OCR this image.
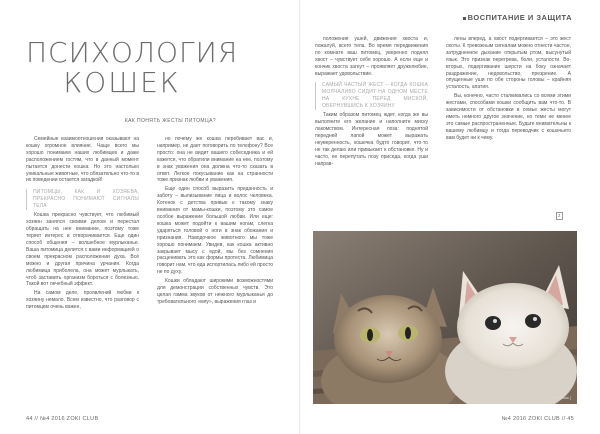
ПСИХОЛОГИЯ
КОШЕК
КАК ПОНЯТЬ ЖЕСТЫ ПИТОМЦА?

Семейные взаимоотношения оказывают на кошку огромное влияние. Чаще всего мы хорошо понимаем наших любимцев и даже расположением гостям, что в данный момент пытается донести кошка. Но это настолько уникальные животные, что обязательно что-то в их поведении остается загадкой!

ПИТОМЦЫ, КАК И ХОЗЯЕВА, ПРЕКРАСНО ПОНИМАЮТ СИГНАЛЫ ТЕЛА

Кошка прекрасно чувствует, что любимый хозяин занялся своими делом и перестал обращать на нее внимание, поэтому тоже теряет интерес и отворачивается. Еще один способ общения – волшебное мурлыканье. Ваша питомица делится с вами информацией о своем прекрасном расположении духа. Всё можно и другая причина урчания. Когда любимица приболела, она может мурлыкать, чтоб заставить организм бороться с болезнью. Такой вот лечебный эффект.

На самом деле, проявлений любви к хозяину немало. Всем известно, что разговор с питомцем очень важен,

но почему же кошка перебивает вас и, например, не дает поговорить по телефону? Все просто: она не видит вашего собеседника и ей кажется, что обратили внимание на нее, поэтому в знак уважения она должна что-то сказать в ответ. Легкое покусывание как на странности тоже признак любви и уважения.

Еще один способ выразить преданность и заботу – вылизывание лица и волос человека. Котенок с детства привык к такому знаку внимания от мамы-кошки, поэтому это самое особое выражение большой любви. Или еще: кошка может подойти к вашим ногам, слегка ударяться головой о ноги в знак обожания и признания. Наводочное животного мы тоже хорошо понимаем. Увидев, как кошка активно закрывает мысу с едой, мы без сомнения расценивать это как формы протеста. Любимица говорит нам, что еда испортилась либо ей просто не по духу.

Кошки обладают широкими возможностями для демонстрации собственных чувств. Это целая гамма звуков от нежного мурлыканья до требовательного «мяу», выражения глаз и

44 // №4 2016 ZOKI CLUB
ВОСПИТАНИЕ И ЗАЩИТА

положения ушей, движения хвоста и, пожалуй, всего тела. Во время передвижения по комнате ваш питомец, уверенно поднял хвост – чувствует себя хорошо. А если еще и кончик хвоста загнут – проявляет дружелюбие, выражает удовольствие.

САМЫЙ ЧАСТЫЙ ЖЕСТ – КОГДА КОШКА МОЛЧАЛИВО СИДИТ НА ОДНОМ МЕСТЕ НА КУХНЕ ПЕРЕД МИСКОЙ, ОБЕРНУВШИСЬ К ХОЗЯИНУ

Таким образом питомец ждет, когда же вы выполните его желание и наполните миску лакомством. Интересная поза: поднятой передней лапой может выражать неуверенность, кошечка будто говорит, что-то не так делаю или привыкает к обстановке. Ну и часто, ее перепутать позу приседа, когда уши направ-

лены вперед, а хвост подергивается – это жест охоты. К тревожным сигналам можно отнести частое, затрудненное дыхание открытым ртом, высунутый язык. Это признак перегрева, боли, усталости. Во-вторых, подергивание шерсти на боку означает раздражение, недовольство, презрение. А опущенные уши по обе стороны головы – крайняя усталость, апатия.

Вы, конечно, часто сталкивались со всеми этими жестами, способами кошки сообщить вам что-то. В зависимости от обстановки в семье жесты могут иметь немного другое значение, но теми не менее это самые распространенные. Будьте внимательны к вашему любимцу и тогда переводчик с кошачьего вам будет ни к чему.

z
[ Фотобанк ]
№4 2016 ZOKI CLUB // 45
